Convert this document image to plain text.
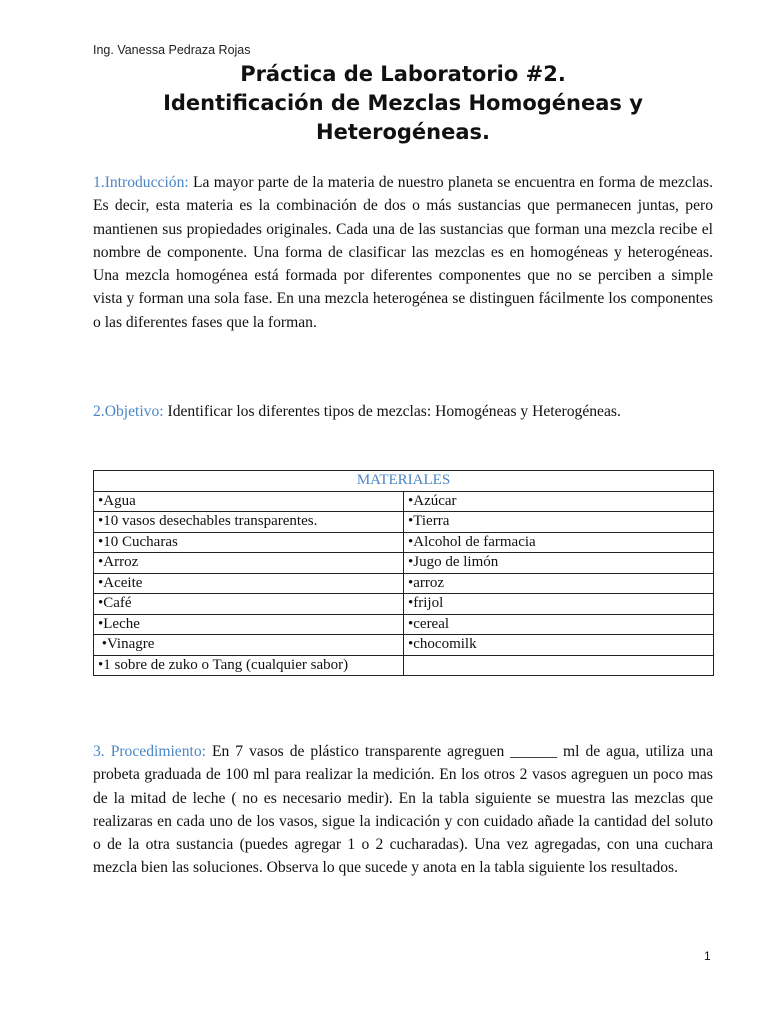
Ing. Vanessa Pedraza Rojas
Práctica de Laboratorio #2.
Identificación de Mezclas Homogéneas y
Heterogéneas.

1.Introducción: La mayor parte de la materia de nuestro planeta se encuentra en forma de mezclas. Es decir, esta materia es la combinación de dos o más sustancias que permanecen juntas, pero mantienen sus propiedades originales. Cada una de las sustancias que forman una mezcla recibe el nombre de componente. Una forma de clasificar las mezclas es en homogéneas y heterogéneas. Una mezcla homogénea está formada por diferentes componentes que no se perciben a simple vista y forman una sola fase. En una mezcla heterogénea se distinguen fácilmente los componentes o las diferentes fases que la forman.

2.Objetivo: Identificar los diferentes tipos de mezclas: Homogéneas y Heterogéneas.

MATERIALES	
•Agua	•Azúcar
•10 vasos desechables transparentes.	•Tierra
•10 Cucharas	•Alcohol de farmacia
•Arroz	•Jugo de limón
•Aceite	•arroz
•Café	•frijol
•Leche	•cereal
•Vinagre	•chocomilk
•1 sobre de zuko o Tang (cualquier sabor)	

3. Procedimiento: En 7 vasos de plástico transparente agreguen ______ ml de agua, utiliza una probeta graduada de 100 ml para realizar la medición. En los otros 2 vasos agreguen un poco mas de la mitad de leche ( no es necesario medir). En la tabla siguiente se muestra las mezclas que realizaras en cada uno de los vasos, sigue la indicación y con cuidado añade la cantidad del soluto o de la otra sustancia (puedes agregar 1 o 2 cucharadas). Una vez agregadas, con una cuchara mezcla bien las soluciones. Observa lo que sucede y anota en la tabla siguiente los resultados.

1
